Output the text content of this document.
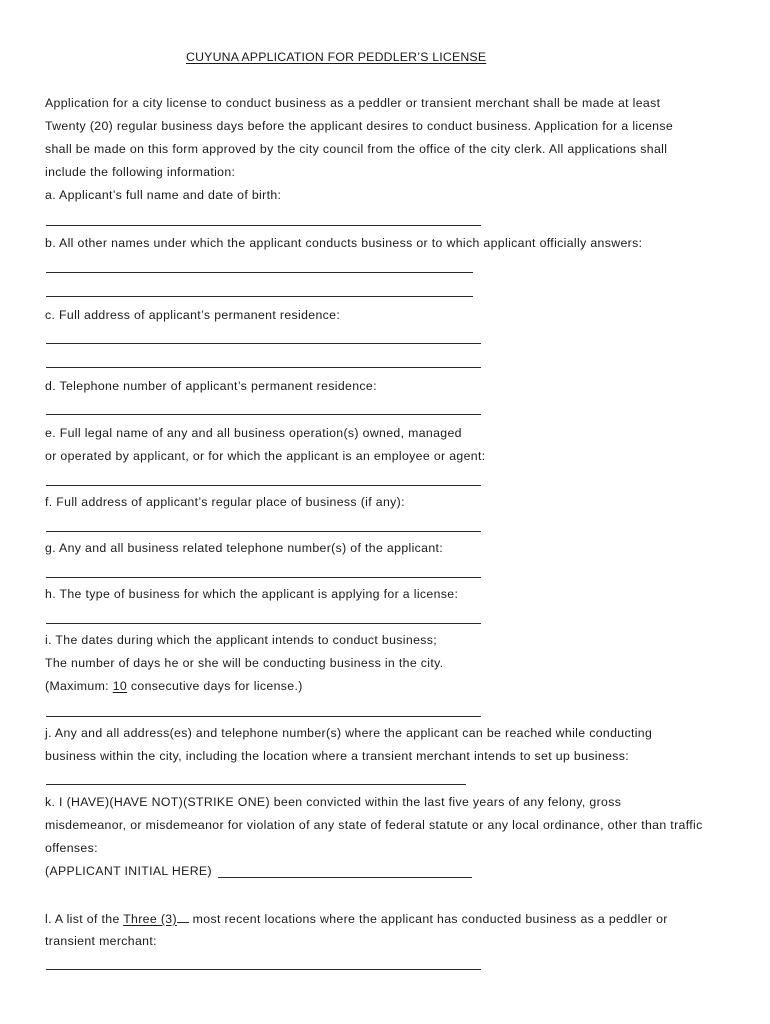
CUYUNA APPLICATION FOR PEDDLER’S LICENSE
Application for a city license to conduct business as a peddler or transient merchant shall be made at least
Twenty (20) regular business days before the applicant desires to conduct business. Application for a license
shall be made on this form approved by the city council from the office of the city clerk. All applications shall
include the following information:
a. Applicant’s full name and date of birth:
b. All other names under which the applicant conducts business or to which applicant officially answers:
c. Full address of applicant’s permanent residence:
d. Telephone number of applicant’s permanent residence:
e. Full legal name of any and all business operation(s) owned, managed
or operated by applicant, or for which the applicant is an employee or agent:
f. Full address of applicant’s regular place of business (if any):
g. Any and all business related telephone number(s) of the applicant:
h. The type of business for which the applicant is applying for a license:
i. The dates during which the applicant intends to conduct business;
The number of days he or she will be conducting business in the city.
(Maximum: 10 consecutive days for license.)
j. Any and all address(es) and telephone number(s) where the applicant can be reached while conducting
business within the city, including the location where a transient merchant intends to set up business:
k. I (HAVE)(HAVE NOT)(STRIKE ONE) been convicted within the last five years of any felony, gross
misdemeanor, or misdemeanor for violation of any state of federal statute or any local ordinance, other than traffic
offenses:
(APPLICANT INITIAL HERE)
l. A list of the Three (3) most recent locations where the applicant has conducted business as a peddler or
transient merchant:
